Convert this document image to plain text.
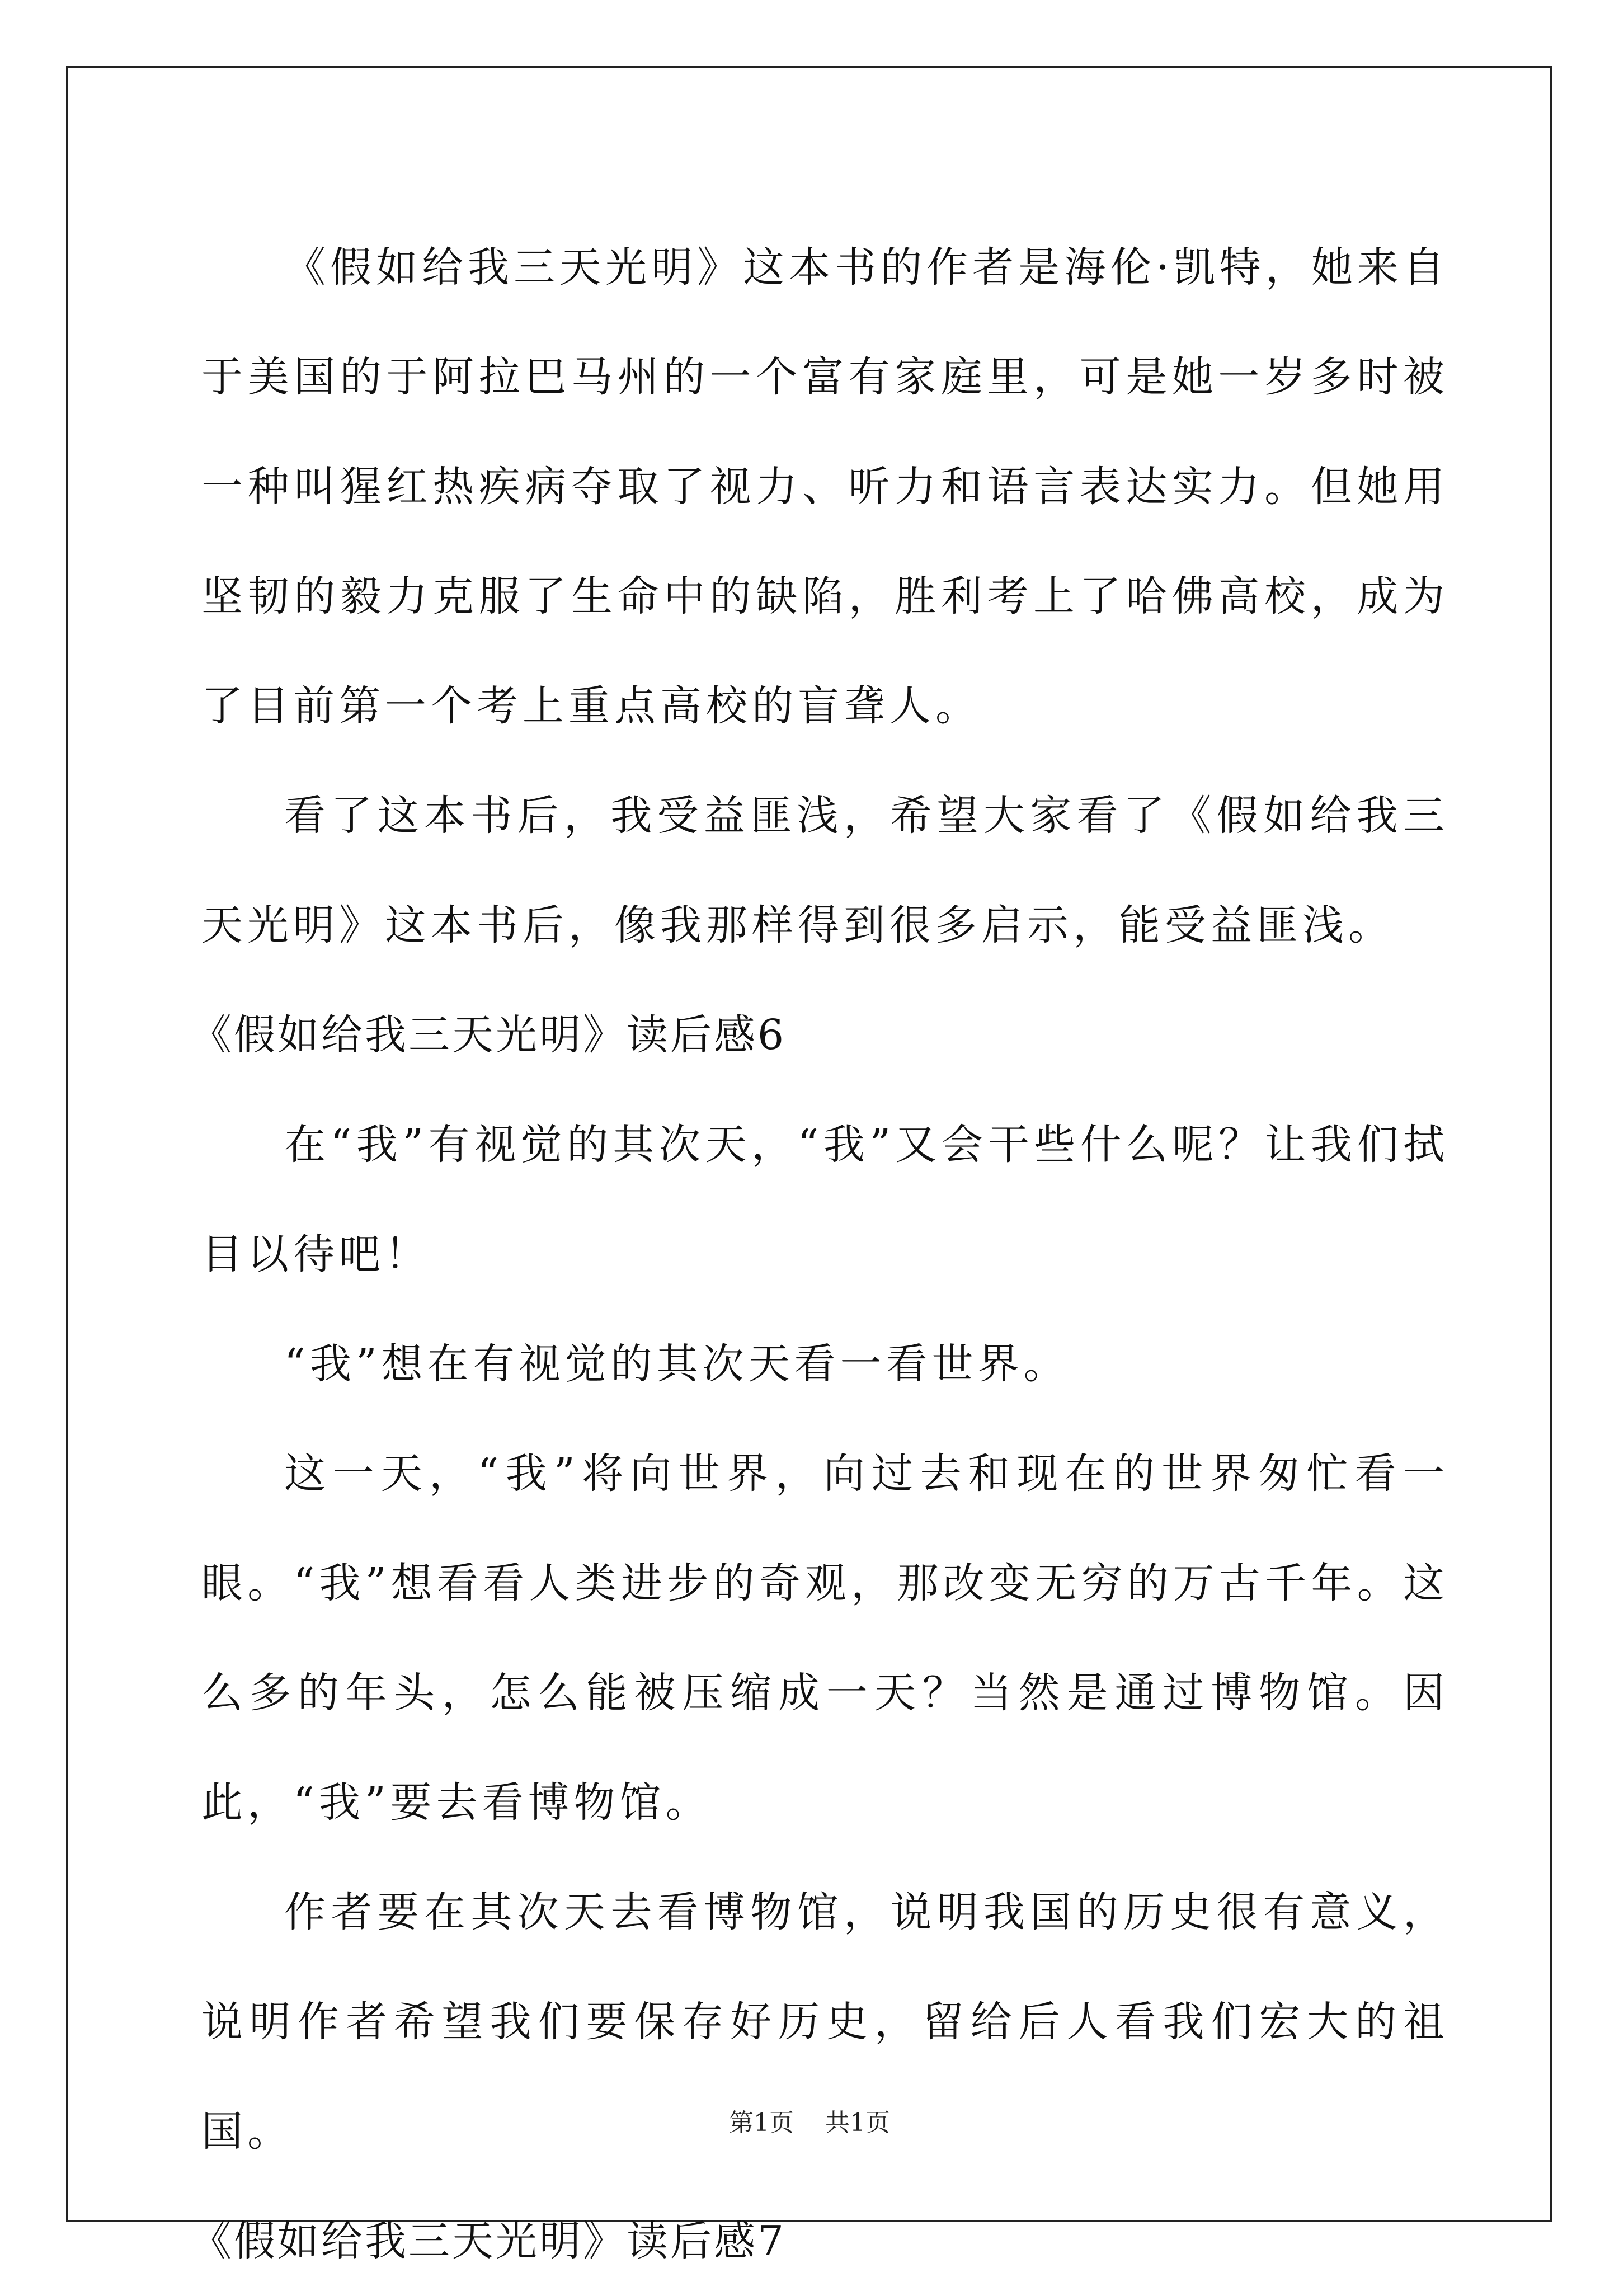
《假如给我三天光明》这本书的作者是海伦·凯特，她来自于美国的于阿拉巴马州的一个富有家庭里，可是她一岁多时被一种叫猩红热疾病夺取了视力、听力和语言表达实力。但她用坚韧的毅力克服了生命中的缺陷，胜利考上了哈佛高校，成为了目前第一个考上重点高校的盲聋人。

看了这本书后，我受益匪浅，希望大家看了《假如给我三天光明》这本书后，像我那样得到很多启示，能受益匪浅。

《假如给我三天光明》读后感6

在“我”有视觉的其次天，“我”又会干些什么呢？让我们拭目以待吧！

“我”想在有视觉的其次天看一看世界。

这一天，“我”将向世界，向过去和现在的世界匆忙看一眼。“我”想看看人类进步的奇观，那改变无穷的万古千年。这么多的年头，怎么能被压缩成一天？当然是通过博物馆。因此，“我”要去看博物馆。

作者要在其次天去看博物馆，说明我国的历史很有意义，说明作者希望我们要保存好历史，留给后人看我们宏大的祖国。

《假如给我三天光明》读后感7

第1页 共1页
